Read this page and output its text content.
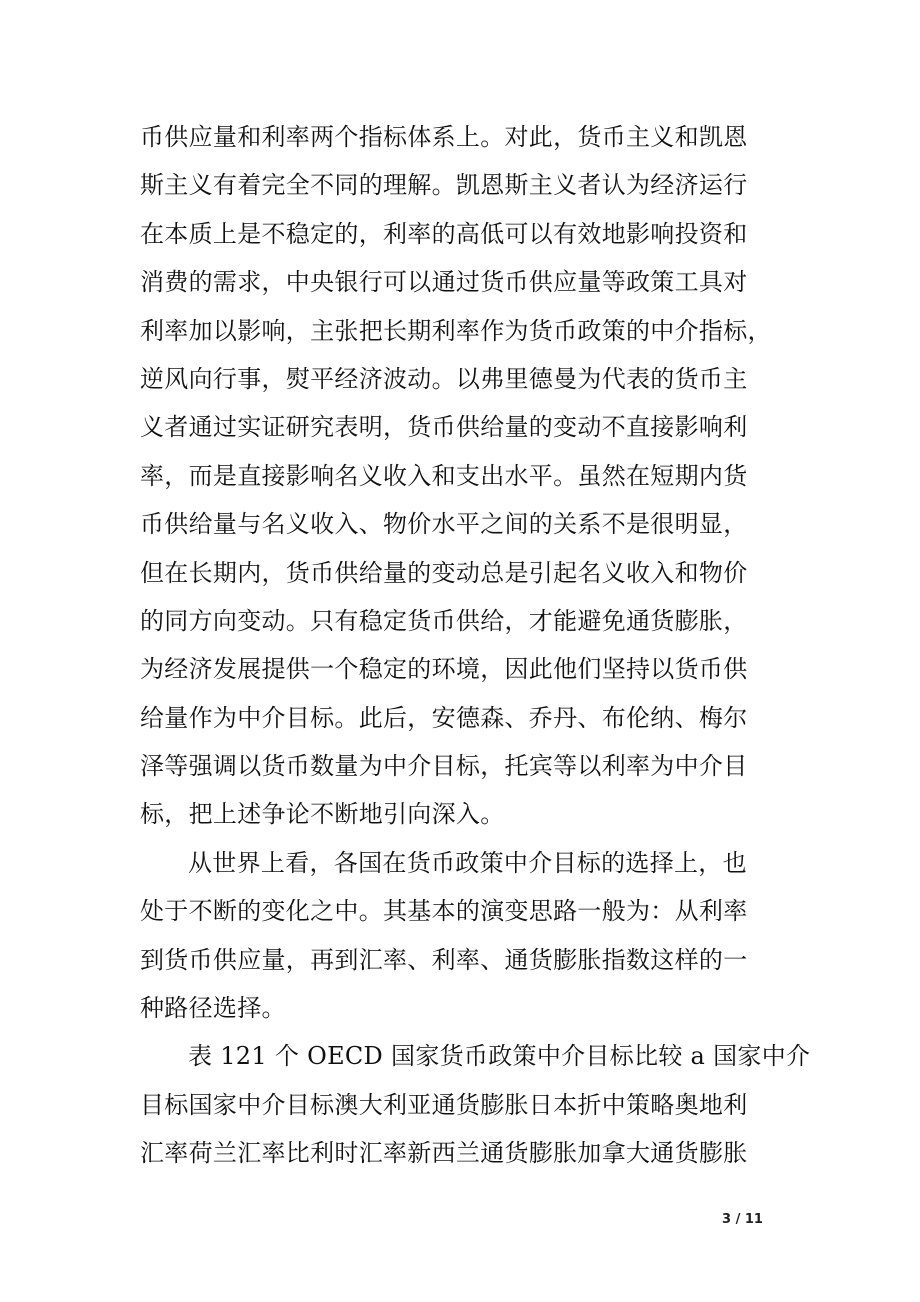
币供应量和利率两个指标体系上。对此，货币主义和凯恩
斯主义有着完全不同的理解。凯恩斯主义者认为经济运行
在本质上是不稳定的，利率的高低可以有效地影响投资和
消费的需求，中央银行可以通过货币供应量等政策工具对
利率加以影响，主张把长期利率作为货币政策的中介指标，
逆风向行事，熨平经济波动。以弗里德曼为代表的货币主
义者通过实证研究表明，货币供给量的变动不直接影响利
率，而是直接影响名义收入和支出水平。虽然在短期内货
币供给量与名义收入、物价水平之间的关系不是很明显，
但在长期内，货币供给量的变动总是引起名义收入和物价
的同方向变动。只有稳定货币供给，才能避免通货膨胀，
为经济发展提供一个稳定的环境，因此他们坚持以货币供
给量作为中介目标。此后，安德森、乔丹、布伦纳、梅尔
泽等强调以货币数量为中介目标，托宾等以利率为中介目
标，把上述争论不断地引向深入。
从世界上看，各国在货币政策中介目标的选择上，也
处于不断的变化之中。其基本的演变思路一般为：从利率
到货币供应量，再到汇率、利率、通货膨胀指数这样的一
种路径选择。
表 121 个 OECD 国家货币政策中介目标比较 a 国家中介
目标国家中介目标澳大利亚通货膨胀日本折中策略奥地利
汇率荷兰汇率比利时汇率新西兰通货膨胀加拿大通货膨胀
3 / 11
